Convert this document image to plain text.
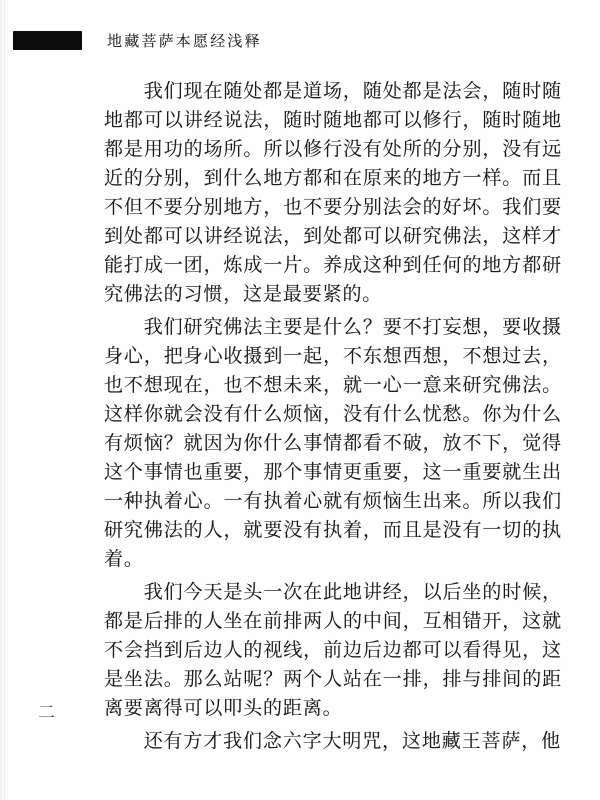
地藏菩萨本愿经浅释
二

我们现在随处都是道场，随处都是法会，随时随地都可以讲经说法，随时随地都可以修行，随时随地都是用功的场所。所以修行没有处所的分别，没有远近的分别，到什么地方都和在原来的地方一样。而且不但不要分别地方，也不要分别法会的好坏。我们要到处都可以讲经说法，到处都可以研究佛法，这样才能打成一团，炼成一片。养成这种到任何的地方都研究佛法的习惯，这是最要紧的。

我们研究佛法主要是什么？要不打妄想，要收摄身心，把身心收摄到一起，不东想西想，不想过去，也不想现在，也不想未来，就一心一意来研究佛法。这样你就会没有什么烦恼，没有什么忧愁。你为什么有烦恼？就因为你什么事情都看不破，放不下，觉得这个事情也重要，那个事情更重要，这一重要就生出一种执着心。一有执着心就有烦恼生出来。所以我们研究佛法的人，就要没有执着，而且是没有一切的执着。

我们今天是头一次在此地讲经，以后坐的时候，都是后排的人坐在前排两人的中间，互相错开，这就不会挡到后边人的视线，前边后边都可以看得见，这是坐法。那么站呢？两个人站在一排，排与排间的距离要离得可以叩头的距离。

还有方才我们念六字大明咒，这地藏王菩萨，他
